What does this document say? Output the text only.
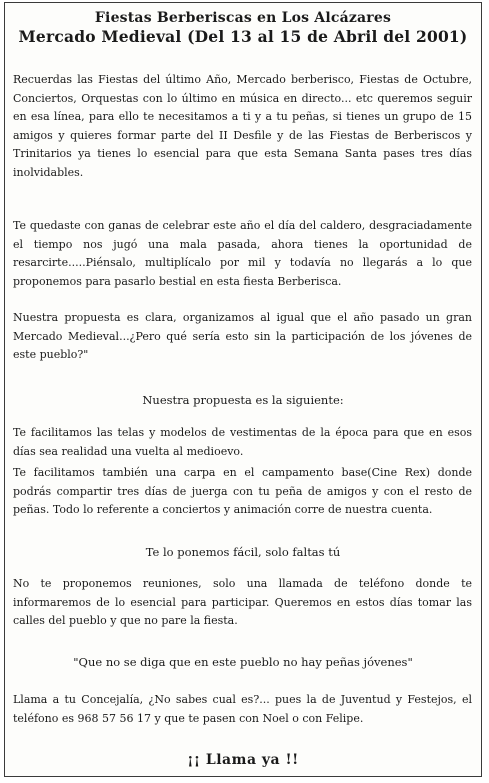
Fiestas Berberiscas en Los Alcázares
Mercado Medieval (Del 13 al 15 de Abril del 2001)
Recuerdas las Fiestas del último Año, Mercado berberisco, Fiestas de Octubre, Conciertos, Orquestas con lo último en música en directo... etc queremos seguir en esa línea, para ello te necesitamos a ti y a tu peñas, si tienes un grupo de 15 amigos y quieres formar parte del II Desfile y de las Fiestas de Berberiscos y Trinitarios ya tienes lo esencial para que esta Semana Santa pases tres días inolvidables.
Te quedaste con ganas de celebrar este año el día del caldero, desgraciadamente el tiempo nos jugó una mala pasada, ahora tienes la oportunidad de resarcirte.....Piénsalo, multiplícalo por mil y todavía no llegarás a lo que proponemos para pasarlo bestial en esta fiesta Berberisca.
Nuestra propuesta es clara, organizamos al igual que el año pasado un gran Mercado Medieval...¿Pero qué sería esto sin la participación de los jóvenes de este pueblo?"
Nuestra propuesta es la siguiente:
Te facilitamos las telas y modelos de vestimentas de la época para que en esos días sea realidad una vuelta al medioevo.
Te facilitamos también una carpa en el campamento base(Cine Rex) donde podrás compartir tres días de juerga con tu peña de amigos y con el resto de peñas. Todo lo referente a conciertos y animación corre de nuestra cuenta.
Te lo ponemos fácil, solo faltas tú
No te proponemos reuniones, solo una llamada de teléfono donde te informaremos de lo esencial para participar. Queremos en estos días tomar las calles del pueblo y que no pare la fiesta.
"Que no se diga que en este pueblo no hay peñas jóvenes"
Llama a tu Concejalía, ¿No sabes cual es?... pues la de Juventud y Festejos, el teléfono es 968 57 56 17 y que te pasen con Noel o con Felipe.
¡¡ Llama ya !!
